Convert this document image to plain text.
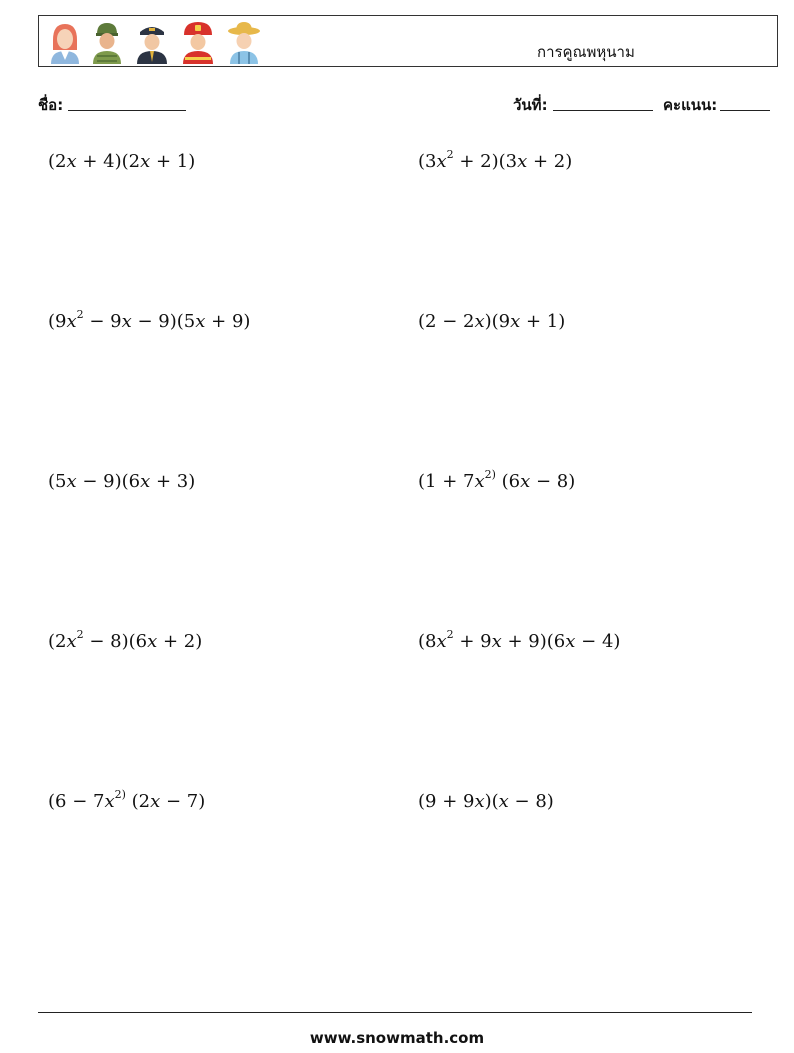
การคูณพหุนาม
ชื่อ:	วันที่:	คะแนน:
(2x + 4)(2x + 1)	$(3x^2 + 2)(3x + 2)$
$(9x^2 - 9x - 9)(5x + 9)$	(2 − 2x)(9x + 1)
(5x − 9)(6x + 3)	($1 + 7x^{2)}$ (6x − 8)
$(2x^2 - 8)(6x + 2)$	$(8x^2 + 9x + 9)(6x - 4)$
($6 - 7x^{2)}$ (2x − 7)	(9 + 9x)(x − 8)
www.snowmath.com
